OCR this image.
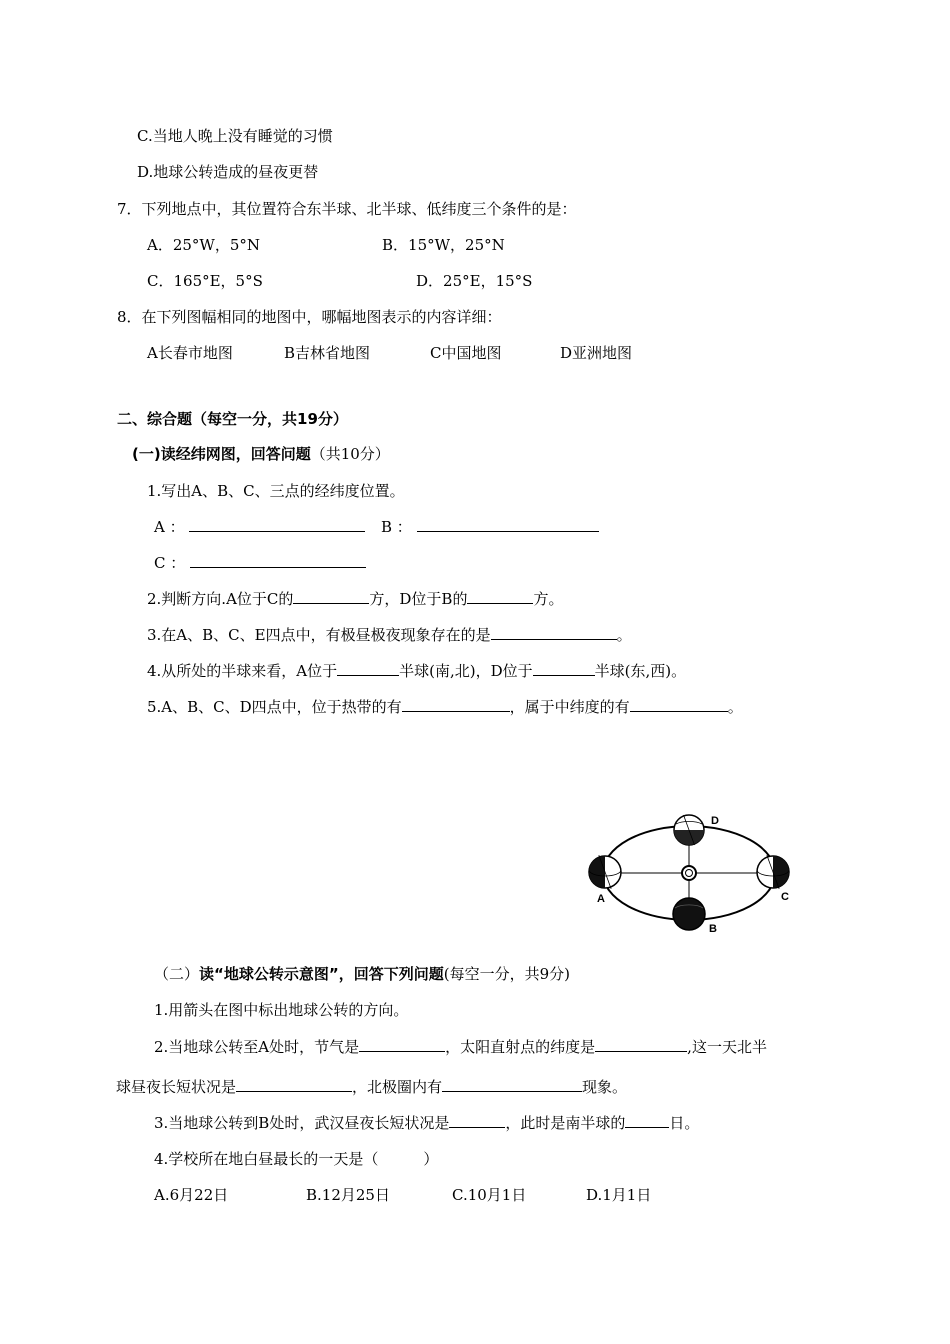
C.当地人晚上没有睡觉的习惯
D.地球公转造成的昼夜更替
7．下列地点中，其位置符合东半球、北半球、低纬度三个条件的是：
A．25°W，5°N	B．15°W，25°N
C．165°E，5°S	D．25°E，15°S
8．在下列图幅相同的地图中，哪幅地图表示的内容详细：
A长春市地图	B吉林省地图	C中国地图	D亚洲地图
二、综合题（每空一分，共19分）
(一)读经纬网图，回答问题（共10分）
1.写出A、B、C、三点的经纬度位置。
A ：	B ：
C ：
2.判断方向.A位于C的	方，D位于B的	方。
3.在A、B、C、E四点中，有极昼极夜现象存在的是	。
4.从所处的半球来看，A位于	半球(南,北)，D位于	半球(东,西)。
5.A、B、C、D四点中，位于热带的有	，属于中纬度的有	。
D
A	C
B
（二）读“地球公转示意图”，回答下列问题(每空一分，共9分)
1.用箭头在图中标出地球公转的方向。
2.当地球公转至A处时，节气是	，太阳直射点的纬度是	,这一天北半
球昼夜长短状况是	，北极圈内有	现象。
3.当地球公转到B处时，武汉昼夜长短状况是	，此时是南半球的	日。
4.学校所在地白昼最长的一天是（　　　）
A.6月22日	B.12月25日	C.10月1日	D.1月1日
